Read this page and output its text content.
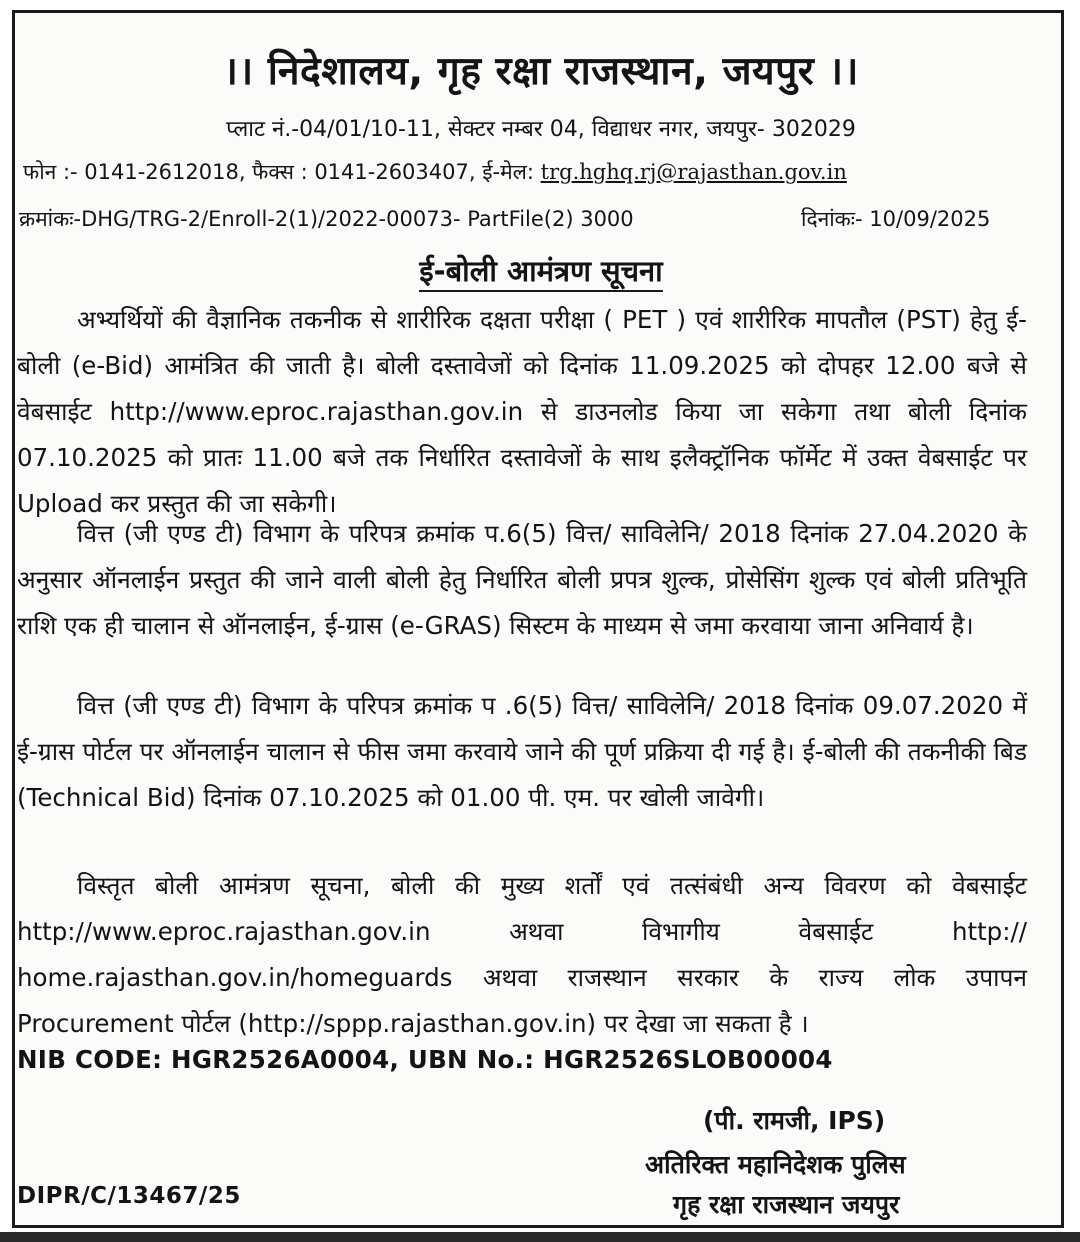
।। निदेशालय, गृह रक्षा राजस्थान, जयपुर ।।
प्लाट नं.-04/01/10-11, सेक्टर नम्बर 04, विद्याधर नगर, जयपुर- 302029
फोन :- 0141-2612018, फैक्स : 0141-2603407, ई-मेल: trg.hghq.rj@rajasthan.gov.in
क्रमांकः-DHG/TRG-2/Enroll-2(1)/2022-00073- PartFile(2) 3000	दिनांकः- 10/09/2025
ई-बोली आमंत्रण सूचना

अभ्यर्थियों की वैज्ञानिक तकनीक से शारीरिक दक्षता परीक्षा ( PET ) एवं शारीरिक मापतौल (PST) हेतु ई-बोली (e-Bid) आमंत्रित की जाती है। बोली दस्तावेजों को दिनांक 11.09.2025 को दोपहर 12.00 बजे से वेबसाईट http://www.eproc.rajasthan.gov.in से डाउनलोड किया जा सकेगा तथा बोली दिनांक 07.10.2025 को प्रातः 11.00 बजे तक निर्धारित दस्तावेजों के साथ इलैक्ट्रॉनिक फॉर्मेट में उक्त वेबसाईट पर Upload कर प्रस्तुत की जा सकेगी।

वित्त (जी एण्ड टी) विभाग के परिपत्र क्रमांक प.6(5) वित्त/ साविलेनि/ 2018 दिनांक 27.04.2020 के अनुसार ऑनलाईन प्रस्तुत की जाने वाली बोली हेतु निर्धारित बोली प्रपत्र शुल्क, प्रोसेसिंग शुल्क एवं बोली प्रतिभूति राशि एक ही चालान से ऑनलाईन, ई-ग्रास (e-GRAS) सिस्टम के माध्यम से जमा करवाया जाना अनिवार्य है।

वित्त (जी एण्ड टी) विभाग के परिपत्र क्रमांक प .6(5) वित्त/ साविलेनि/ 2018 दिनांक 09.07.2020 में ई-ग्रास पोर्टल पर ऑनलाईन चालान से फीस जमा करवाये जाने की पूर्ण प्रक्रिया दी गई है। ई-बोली की तकनीकी बिड (Technical Bid) दिनांक 07.10.2025 को 01.00 पी. एम. पर खोली जावेगी।

विस्तृत बोली आमंत्रण सूचना, बोली की मुख्य शर्तों एवं तत्संबंधी अन्य विवरण को वेबसाईट http://www.eproc.rajasthan.gov.in अथवा विभागीय वेबसाईट http:// home.rajasthan.gov.in/homeguards अथवा राजस्थान सरकार के राज्य लोक उपापन Procurement पोर्टल (http://sppp.rajasthan.gov.in) पर देखा जा सकता है ।

NIB CODE: HGR2526A0004, UBN No.: HGR2526SLOB00004
(पी. रामजी, IPS)
अतिरिक्त महानिदेशक पुलिस
गृह रक्षा राजस्थान जयपुर
DIPR/C/13467/25
